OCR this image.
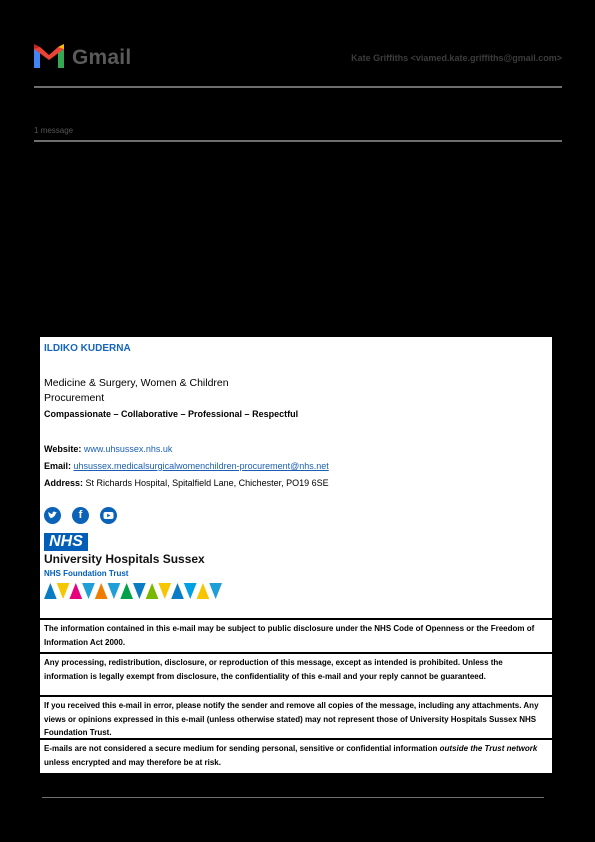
Gmail	Kate Griffiths <viamed.kate.griffiths@gmail.com>
1 message
ILDIKO KUDERNA
Medicine & Surgery, Women & Children
Procurement
Compassionate – Collaborative – Professional – Respectful
Website: www.uhsussex.nhs.uk
Email: uhsussex.medicalsurgicalwomenchildren-procurement@nhs.net
Address: St Richards Hospital, Spitalfield Lane, Chichester, PO19 6SE
f
NHS
University Hospitals Sussex
NHS Foundation Trust
The information contained in this e-mail may be subject to public disclosure under the NHS Code of Openness or the Freedom of Information Act 2000.
Any processing, redistribution, disclosure, or reproduction of this message, except as intended is prohibited. Unless the information is legally exempt from disclosure, the confidentiality of this e-mail and your reply cannot be guaranteed.
If you received this e-mail in error, please notify the sender and remove all copies of the message, including any attachments. Any views or opinions expressed in this e-mail (unless otherwise stated) may not represent those of University Hospitals Sussex NHS Foundation Trust.
E-mails are not considered a secure medium for sending personal, sensitive or confidential information outside the Trust network unless encrypted and may therefore be at risk.
